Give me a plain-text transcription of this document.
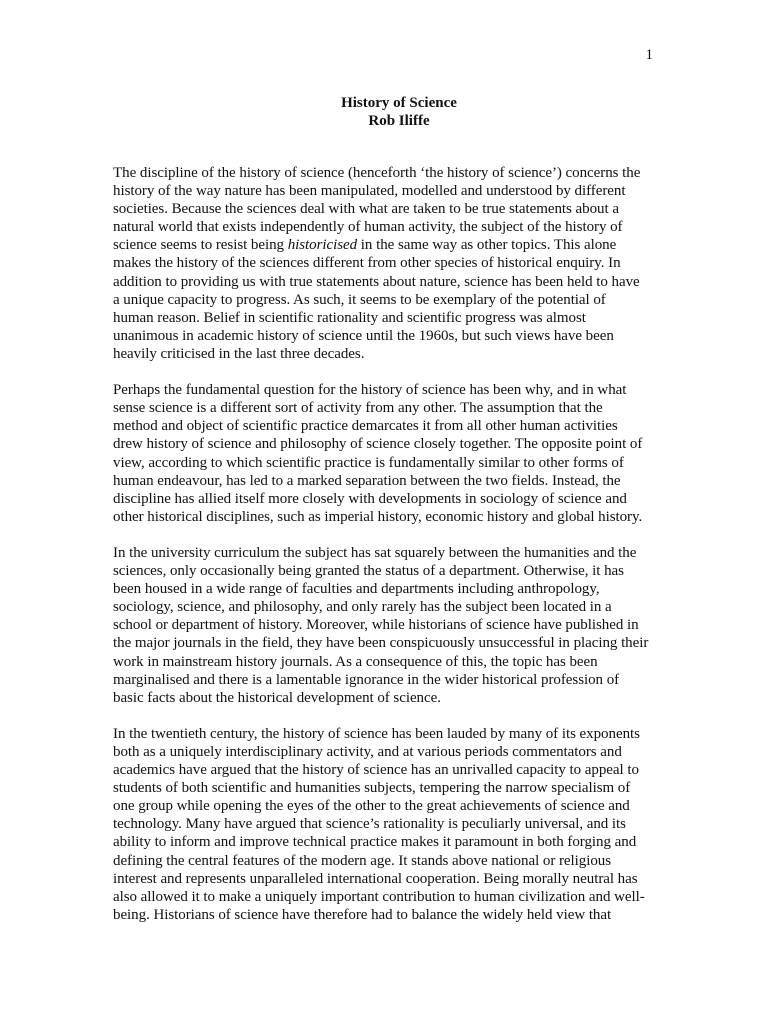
1
History of Science
Rob Iliffe
The discipline of the history of science (henceforth ‘the history of science’) concerns the
history of the way nature has been manipulated, modelled and understood by different
societies. Because the sciences deal with what are taken to be true statements about a
natural world that exists independently of human activity, the subject of the history of
science seems to resist being historicised in the same way as other topics. This alone
makes the history of the sciences different from other species of historical enquiry. In
addition to providing us with true statements about nature, science has been held to have
a unique capacity to progress. As such, it seems to be exemplary of the potential of
human reason. Belief in scientific rationality and scientific progress was almost
unanimous in academic history of science until the 1960s, but such views have been
heavily criticised in the last three decades.
Perhaps the fundamental question for the history of science has been why, and in what
sense science is a different sort of activity from any other. The assumption that the
method and object of scientific practice demarcates it from all other human activities
drew history of science and philosophy of science closely together. The opposite point of
view, according to which scientific practice is fundamentally similar to other forms of
human endeavour, has led to a marked separation between the two fields. Instead, the
discipline has allied itself more closely with developments in sociology of science and
other historical disciplines, such as imperial history, economic history and global history.
In the university curriculum the subject has sat squarely between the humanities and the
sciences, only occasionally being granted the status of a department. Otherwise, it has
been housed in a wide range of faculties and departments including anthropology,
sociology, science, and philosophy, and only rarely has the subject been located in a
school or department of history. Moreover, while historians of science have published in
the major journals in the field, they have been conspicuously unsuccessful in placing their
work in mainstream history journals. As a consequence of this, the topic has been
marginalised and there is a lamentable ignorance in the wider historical profession of
basic facts about the historical development of science.
In the twentieth century, the history of science has been lauded by many of its exponents
both as a uniquely interdisciplinary activity, and at various periods commentators and
academics have argued that the history of science has an unrivalled capacity to appeal to
students of both scientific and humanities subjects, tempering the narrow specialism of
one group while opening the eyes of the other to the great achievements of science and
technology. Many have argued that science’s rationality is peculiarly universal, and its
ability to inform and improve technical practice makes it paramount in both forging and
defining the central features of the modern age. It stands above national or religious
interest and represents unparalleled international cooperation. Being morally neutral has
also allowed it to make a uniquely important contribution to human civilization and well-
being. Historians of science have therefore had to balance the widely held view that
